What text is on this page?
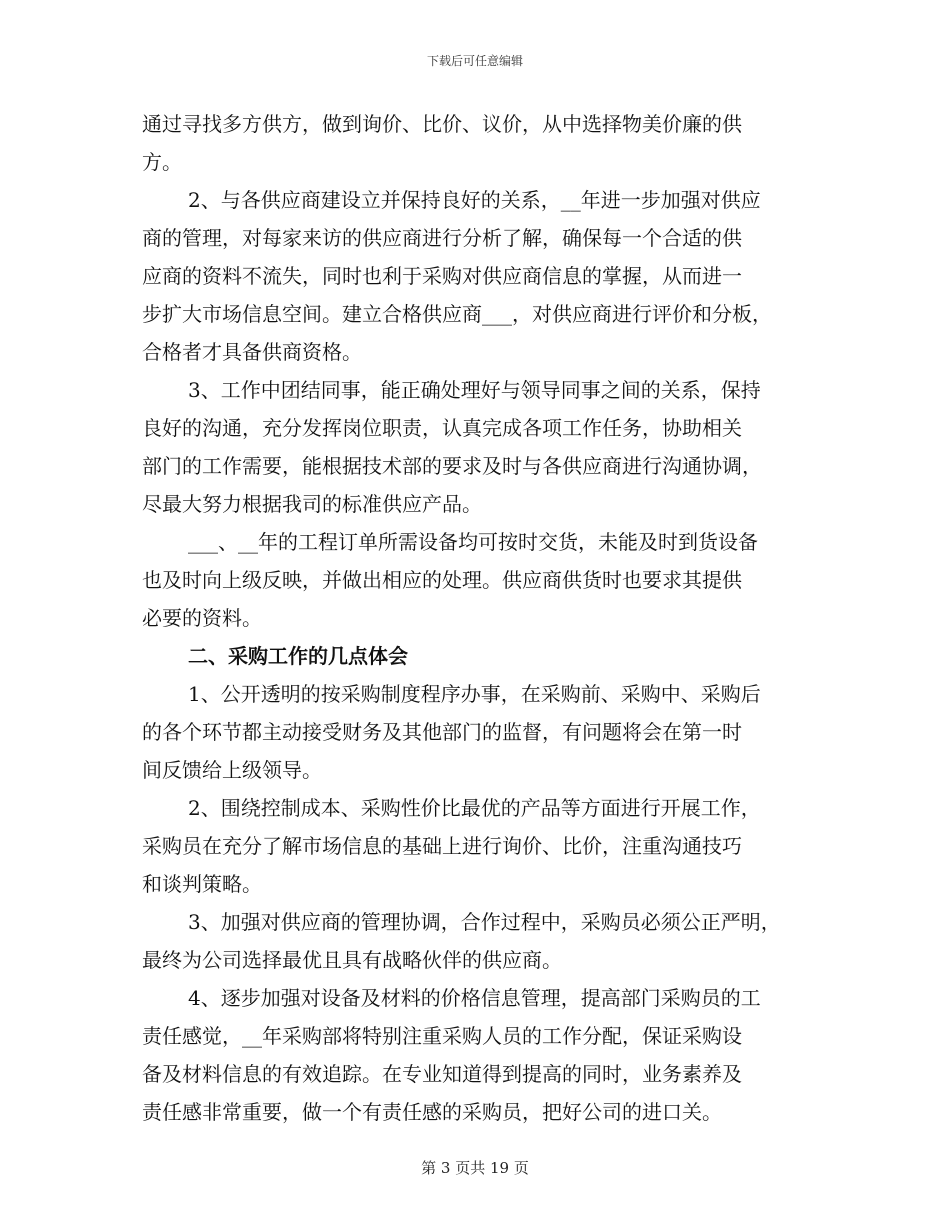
下载后可任意编辑
通过寻找多方供方，做到询价、比价、议价，从中选择物美价廉的供
方。
2、与各供应商建设立并保持良好的关系，__年进一步加强对供应
商的管理，对每家来访的供应商进行分析了解，确保每一个合适的供
应商的资料不流失，同时也利于采购对供应商信息的掌握，从而进一
步扩大市场信息空间。建立合格供应商___，对供应商进行评价和分板，
合格者才具备供商资格。
3、工作中团结同事，能正确处理好与领导同事之间的关系，保持
良好的沟通，充分发挥岗位职责，认真完成各项工作任务，协助相关
部门的工作需要，能根据技术部的要求及时与各供应商进行沟通协调，
尽最大努力根据我司的标准供应产品。
___、__年的工程订单所需设备均可按时交货，未能及时到货设备
也及时向上级反映，并做出相应的处理。供应商供货时也要求其提供
必要的资料。
二、采购工作的几点体会
1、公开透明的按采购制度程序办事，在采购前、采购中、采购后
的各个环节都主动接受财务及其他部门的监督，有问题将会在第一时
间反馈给上级领导。
2、围绕控制成本、采购性价比最优的产品等方面进行开展工作，
采购员在充分了解市场信息的基础上进行询价、比价，注重沟通技巧
和谈判策略。
3、加强对供应商的管理协调，合作过程中，采购员必须公正严明，
最终为公司选择最优且具有战略伙伴的供应商。
4、逐步加强对设备及材料的价格信息管理，提高部门采购员的工
责任感觉，__年采购部将特别注重采购人员的工作分配，保证采购设
备及材料信息的有效追踪。在专业知道得到提高的同时，业务素养及
责任感非常重要，做一个有责任感的采购员，把好公司的进口关。
第 3 页共 19 页
